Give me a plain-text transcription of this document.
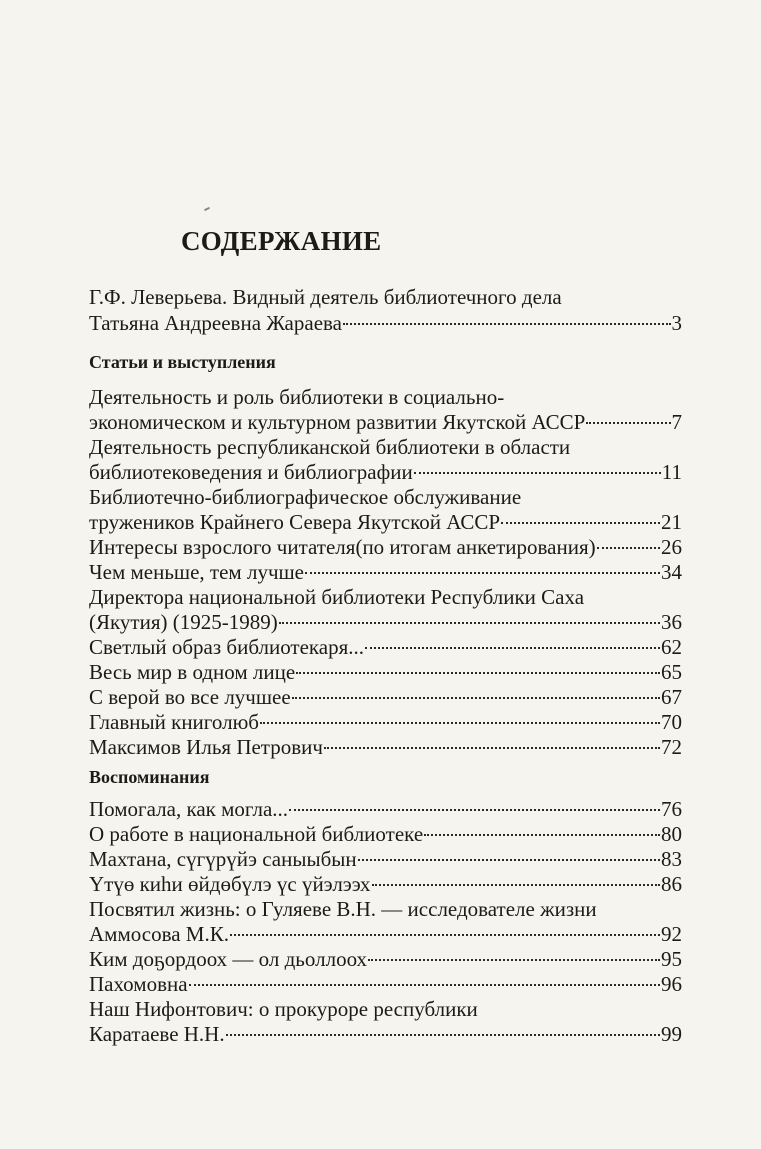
СОДЕРЖАНИЕ
Г.Ф. Леверьева. Видный деятель библиотечного дела
Татьяна Андреевна Жараева	3
Статьи и выступления
Деятельность и роль библиотеки в социально-
экономическом и культурном развитии Якутской АССР	7
Деятельность республиканской библиотеки в области
библиотековедения и библиографии	11
Библиотечно-библиографическое обслуживание
тружеников Крайнего Севера Якутской АССР	21
Интересы взрослого читателя(по итогам анкетирования)	26
Чем меньше, тем лучше	34
Директора национальной библиотеки Республики Саха
(Якутия) (1925-1989)	36
Светлый образ библиотекаря...	62
Весь мир в одном лице	65
С верой во все лучшее	67
Главный книголюб	70
Максимов Илья Петрович	72
Воспоминания
Помогала, как могла...	76
О работе в национальной библиотеке	80
Махтана, сүгүрүйэ саныыбын	83
Үтүө киһи өйдөбүлэ үс үйэлээх	86
Посвятил жизнь: о Гуляеве В.Н. — исследователе жизни
Аммосова М.К.	92
Ким доҕордоох — ол дьоллоох	95
Пахомовна	96
Наш Нифонтович: о прокуроре республики
Каратаеве Н.Н.	99
